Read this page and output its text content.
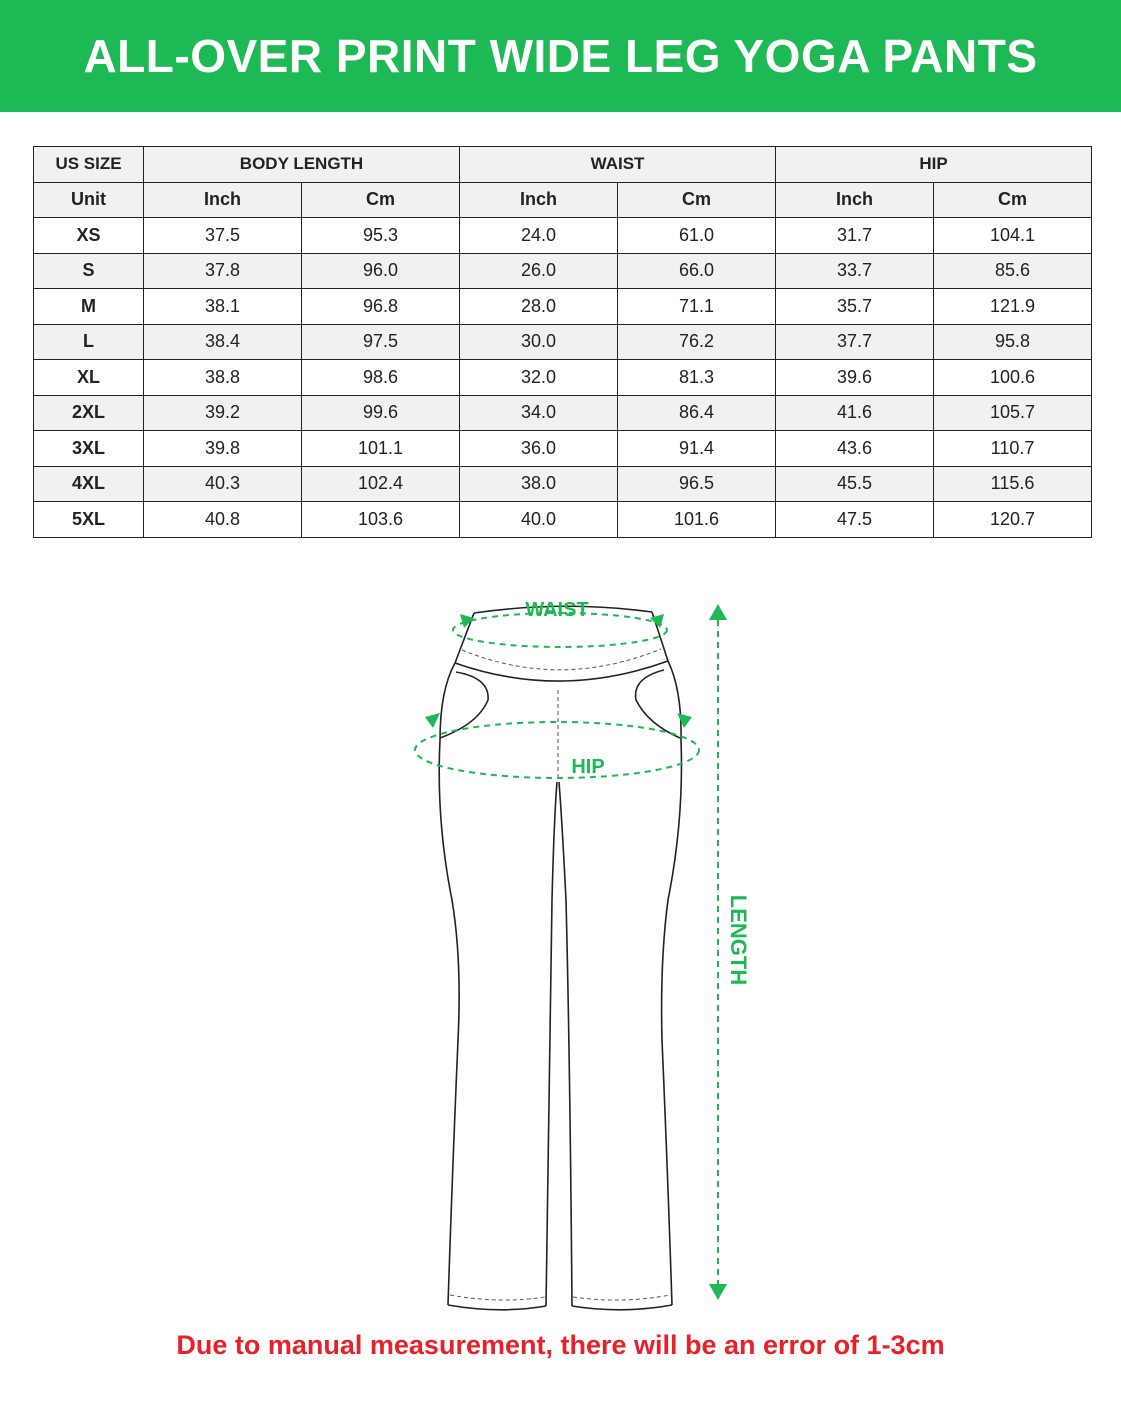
ALL-OVER PRINT WIDE LEG YOGA PANTS
US SIZE	BODY LENGTH		WAIST		HIP	
Unit	Inch	Cm	Inch	Cm	Inch	Cm
XS	37.5	95.3	24.0	61.0	31.7	104.1
S	37.8	96.0	26.0	66.0	33.7	85.6
M	38.1	96.8	28.0	71.1	35.7	121.9
L	38.4	97.5	30.0	76.2	37.7	95.8
XL	38.8	98.6	32.0	81.3	39.6	100.6
2XL	39.2	99.6	34.0	86.4	41.6	105.7
3XL	39.8	101.1	36.0	91.4	43.6	110.7
4XL	40.3	102.4	38.0	96.5	45.5	115.6
5XL	40.8	103.6	40.0	101.6	47.5	120.7
WAIST
HIP
LENGTH
Due to manual measurement, there will be an error of 1-3cm
